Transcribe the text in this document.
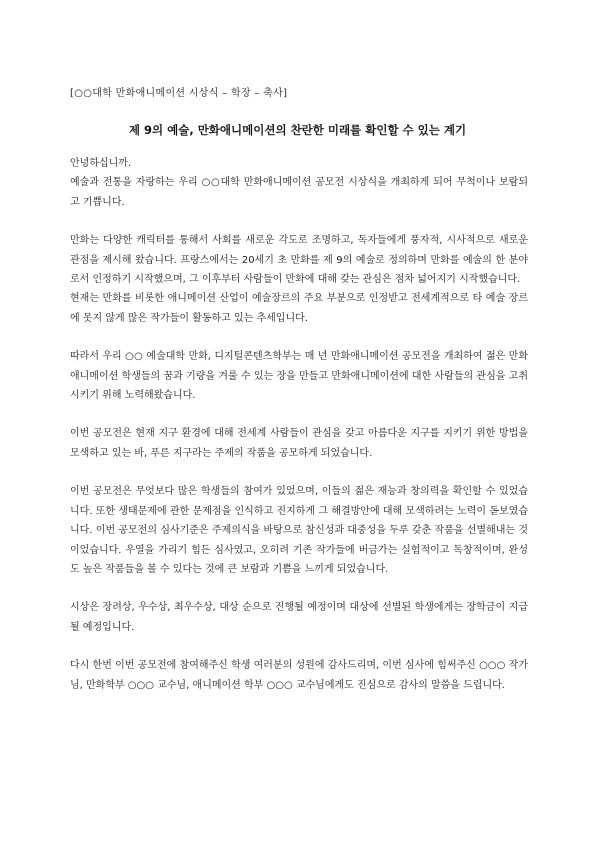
[○○대학 만화애니메이션 시상식 – 학장 – 축사]
제 9의 예술, 만화애니메이션의 찬란한 미래를 확인할 수 있는 계기

안녕하십니까.

예술과 전통을 자랑하는 우리 ○○대학 만화애니메이션 공모전 시상식을 개최하게 되어 무척이나 보람되고 기쁩니다.

만화는 다양한 캐릭터를 통해서 사회를 새로운 각도로 조명하고, 독자들에게 풍자적, 시사적으로 새로운 관점을 제시해 왔습니다. 프랑스에서는 20세기 초 만화를 제 9의 예술로 정의하며 만화를 예술의 한 분야로서 인정하기 시작했으며, 그 이후부터 사람들이 만화에 대해 갖는 관심은 점차 넓어지기 시작했습니다.

현재는 만화를 비롯한 애니메이션 산업이 예술장르의 주요 부분으로 인정받고 전세계적으로 타 예술 장르에 못지 않게 많은 작가들이 활동하고 있는 추세입니다.

따라서 우리 ○○ 예술대학 만화, 디지털콘텐츠학부는 매 년 만화애니메이션 공모전을 개최하여 젊은 만화애니메이션 학생들의 꿈과 기량을 겨룰 수 있는 장을 만들고 만화애니메이션에 대한 사람들의 관심을 고취시키기 위해 노력해왔습니다.

이번 공모전은 현재 지구 환경에 대해 전세계 사람들이 관심을 갖고 아름다운 지구를 지키기 위한 방법을 모색하고 있는 바, 푸른 지구라는 주제의 작품을 공모하게 되었습니다.

이번 공모전은 무엇보다 많은 학생들의 참여가 있었으며, 이들의 젊은 재능과 창의력을 확인할 수 있었습니다. 또한 생태문제에 관한 문제점을 인식하고 진지하게 그 해결방안에 대해 모색하려는 노력이 돋보였습니다. 이번 공모전의 심사기준은 주제의식을 바탕으로 참신성과 대중성을 두루 갖춘 작품을 선별해내는 것이었습니다. 우열을 가리기 힘든 심사였고, 오히려 기존 작가들에 버금가는 실험적이고 독창적이며, 완성도 높은 작품들을 볼 수 있다는 것에 큰 보람과 기쁨을 느끼게 되었습니다.

시상은 장려상, 우수상, 최우수상, 대상 순으로 진행될 예정이며 대상에 선별된 학생에게는 장학금이 지급될 예정입니다.

다시 한번 이번 공모전에 참여해주신 학생 여러분의 성원에 감사드리며, 이번 심사에 힘써주신 ○○○ 작가님, 만화학부 ○○○ 교수님, 애니메이션 학부 ○○○ 교수님에게도 진심으로 감사의 말씀을 드립니다.
